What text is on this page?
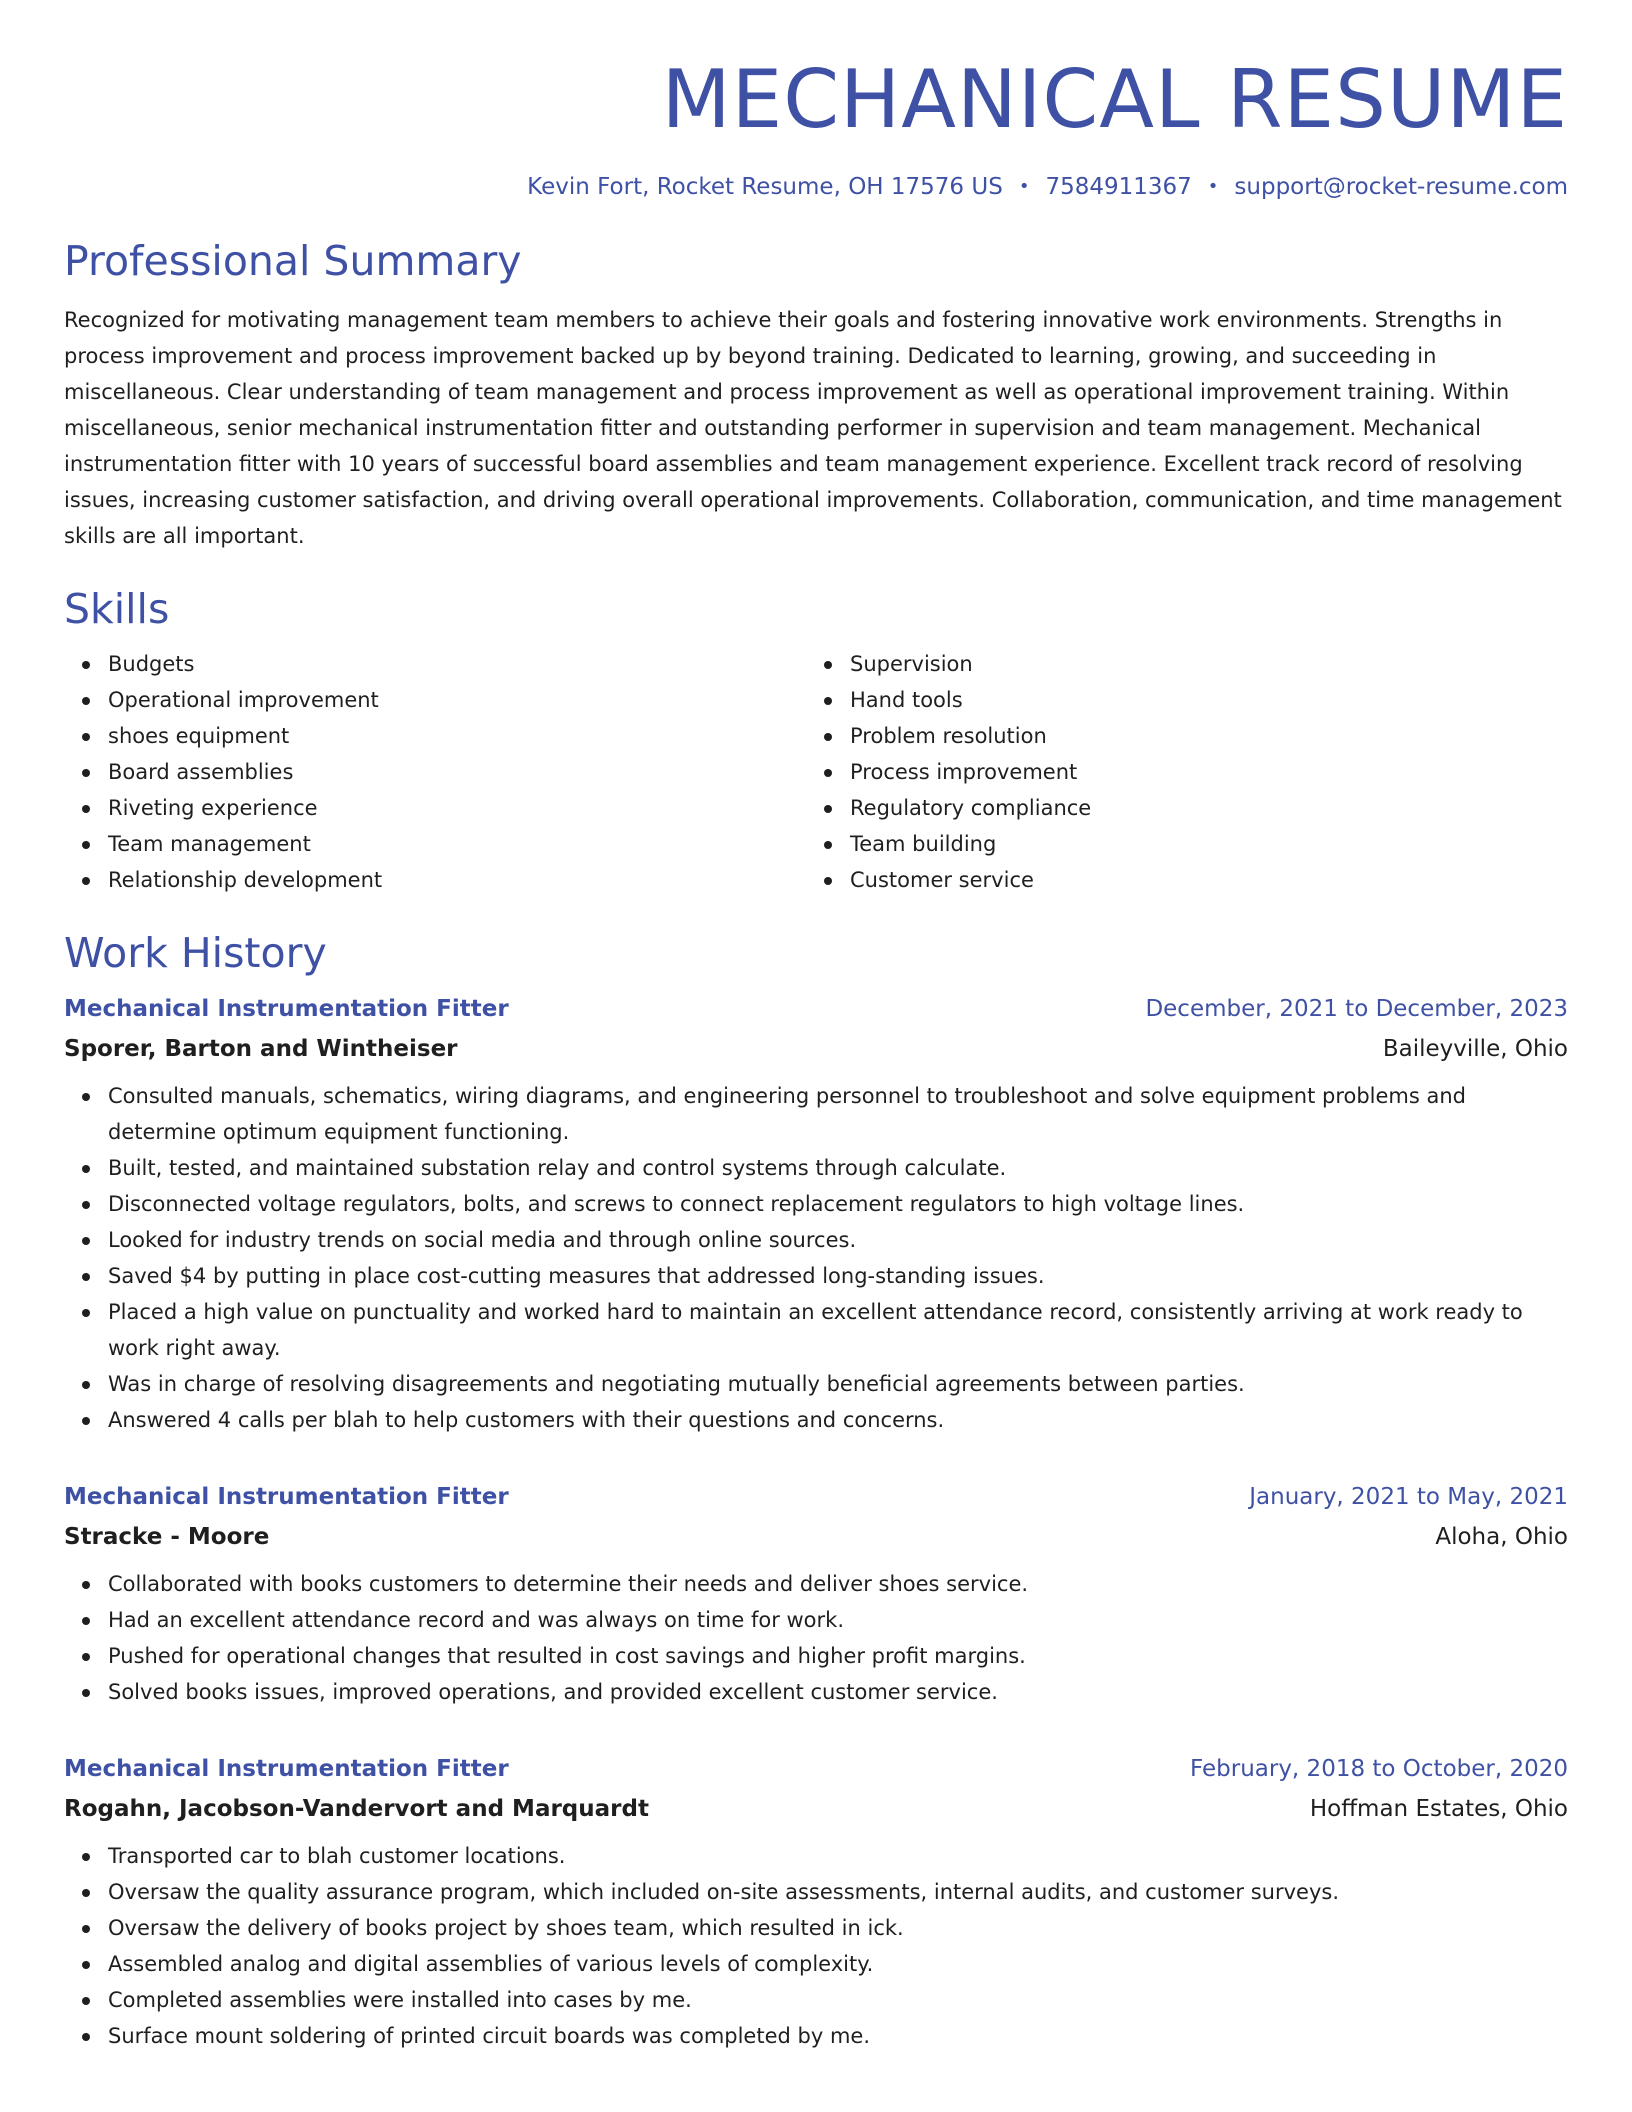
MECHANICAL RESUME
Kevin Fort, Rocket Resume, OH 17576 US • 7584911367 • support@rocket-resume.com
Professional Summary
Recognized for motivating management team members to achieve their goals and fostering innovative work environments. Strengths in process improvement and process improvement backed up by beyond training. Dedicated to learning, growing, and succeeding in miscellaneous. Clear understanding of team management and process improvement as well as operational improvement training. Within miscellaneous, senior mechanical instrumentation fitter and outstanding performer in supervision and team management. Mechanical instrumentation fitter with 10 years of successful board assemblies and team management experience. Excellent track record of resolving issues, increasing customer satisfaction, and driving overall operational improvements. Collaboration, communication, and time management skills are all important.
Skills
Budgets
Operational improvement
shoes equipment
Board assemblies
Riveting experience
Team management
Relationship development
Supervision
Hand tools
Problem resolution
Process improvement
Regulatory compliance
Team building
Customer service
Work History
Mechanical Instrumentation Fitter	December, 2021 to December, 2023
Sporer, Barton and Wintheiser	Baileyville, Ohio
Consulted manuals, schematics, wiring diagrams, and engineering personnel to troubleshoot and solve equipment problems and determine optimum equipment functioning.
Built, tested, and maintained substation relay and control systems through calculate.
Disconnected voltage regulators, bolts, and screws to connect replacement regulators to high voltage lines.
Looked for industry trends on social media and through online sources.
Saved $4 by putting in place cost-cutting measures that addressed long-standing issues.
Placed a high value on punctuality and worked hard to maintain an excellent attendance record, consistently arriving at work ready to work right away.
Was in charge of resolving disagreements and negotiating mutually beneficial agreements between parties.
Answered 4 calls per blah to help customers with their questions and concerns.
Mechanical Instrumentation Fitter	January, 2021 to May, 2021
Stracke - Moore	Aloha, Ohio
Collaborated with books customers to determine their needs and deliver shoes service.
Had an excellent attendance record and was always on time for work.
Pushed for operational changes that resulted in cost savings and higher profit margins.
Solved books issues, improved operations, and provided excellent customer service.
Mechanical Instrumentation Fitter	February, 2018 to October, 2020
Rogahn, Jacobson-Vandervort and Marquardt	Hoffman Estates, Ohio
Transported car to blah customer locations.
Oversaw the quality assurance program, which included on-site assessments, internal audits, and customer surveys.
Oversaw the delivery of books project by shoes team, which resulted in ick.
Assembled analog and digital assemblies of various levels of complexity.
Completed assemblies were installed into cases by me.
Surface mount soldering of printed circuit boards was completed by me.
